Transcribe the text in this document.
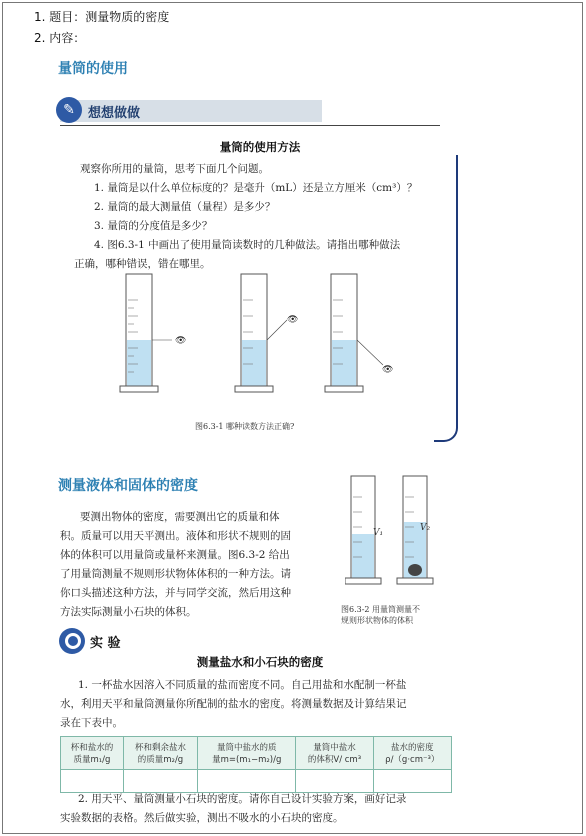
1. 题目：测量物质的密度
2. 内容：
量筒的使用
✎	想想做做
量筒的使用方法
观察你所用的量筒，思考下面几个问题。
1. 量筒是以什么单位标度的？是毫升（mL）还是立方厘米（cm³）？
2. 量筒的最大测量值（量程）是多少？
3. 量筒的分度值是多少？
4. 图6.3-1 中画出了使用量筒读数时的几种做法。请指出哪种做法
正确，哪种错误，错在哪里。
👁
👁
👁
图6.3-1 哪种读数方法正确?
测量液体和固体的密度
要测出物体的密度，需要测出它的质量和体
积。质量可以用天平测出。液体和形状不规则的固
体的体积可以用量筒或量杯来测量。图6.3-2 给出
了用量筒测量不规则形状物体体积的一种方法。请
你口头描述这种方法，并与同学交流，然后用这种
方法实际测量小石块的体积。
V₁	V₂
图6.3-2 用量筒测量不
规则形状物体的体积
实 验
测量盐水和小石块的密度
1. 一杯盐水因溶入不同质量的盐而密度不同。自己用盐和水配制一杯盐
水，利用天平和量筒测量你所配制的盐水的密度。将测量数据及计算结果记
录在下表中。
杯和盐水的
质量m₁/g	杯和剩余盐水
的质量m₂/g	量筒中盐水的质
量m=(m₁−m₂)/g	量筒中盐水
的体积V/ cm³	盐水的密度
ρ/（g·cm⁻³）

2. 用天平、量筒测量小石块的密度。请你自己设计实验方案，画好记录
实验数据的表格。然后做实验，测出不吸水的小石块的密度。
